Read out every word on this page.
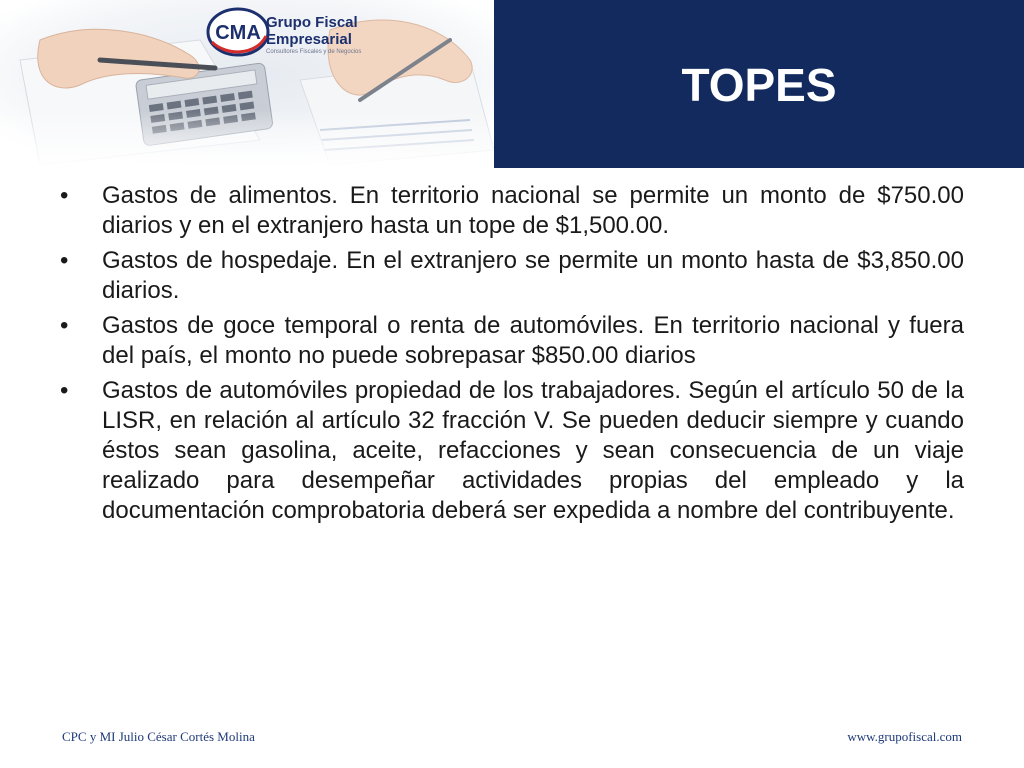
CMA Grupo Fiscal
Empresarial
Consultores Fiscales y de Negocios
TOPES
• Gastos de alimentos. En territorio nacional se permite un monto de $750.00 diarios y en el extranjero hasta un tope de $1,500.00.
• Gastos de hospedaje. En el extranjero se permite un monto hasta de $3,850.00 diarios.
• Gastos de goce temporal o renta de automóviles. En territorio nacional y fuera del país, el monto no puede sobrepasar $850.00 diarios
• Gastos de automóviles propiedad de los trabajadores. Según el artículo 50 de la LISR, en relación al artículo 32 fracción V. Se pueden deducir siempre y cuando éstos sean gasolina, aceite, refacciones y sean consecuencia de un viaje realizado para desempeñar actividades propias del empleado y la documentación comprobatoria deberá ser expedida a nombre del contribuyente.
CPC y MI Julio César Cortés Molina	www.grupofiscal.com
